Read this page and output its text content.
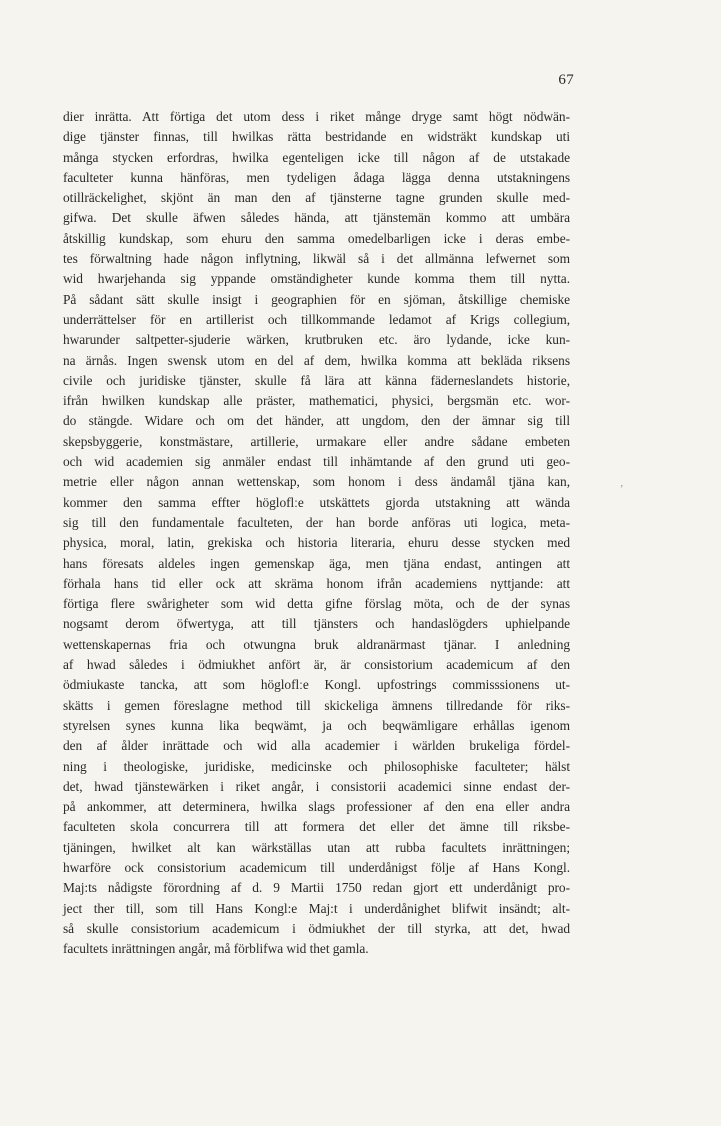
67
dier inrätta. Att förtiga det utom dess i riket månge dryge samt högt nödwän-
dige tjänster finnas, till hwilkas rätta bestridande en widsträkt kundskap uti
många stycken erfordras, hwilka egenteligen icke till någon af de utstakade
faculteter kunna hänföras, men tydeligen ådaga lägga denna utstakningens
otillräckelighet, skjönt än man den af tjänsterne tagne grunden skulle med-
gifwa. Det skulle äfwen således hända, att tjänstemän kommo att umbära
åtskillig kundskap, som ehuru den samma omedelbarligen icke i deras embe-
tes förwaltning hade någon inflytning, likwäl så i det allmänna lefwernet som
wid hwarjehanda sig yppande omständigheter kunde komma them till nytta.
På sådant sätt skulle insigt i geographien för en sjöman, åtskillige chemiske
underrättelser för en artillerist och tillkommande ledamot af Krigs collegium,
hwarunder saltpetter-sjuderie wärken, krutbruken etc. äro lydande, icke kun-
na ärnås. Ingen swensk utom en del af dem, hwilka komma att bekläda riksens
civile och juridiske tjänster, skulle få lära att känna fäderneslandets historie,
ifrån hwilken kundskap alle präster, mathematici, physici, bergsmän etc. wor-
do stängde. Widare och om det händer, att ungdom, den der ämnar sig till
skepsbyggerie, konstmästare, artillerie, urmakare eller andre sådane embeten
och wid academien sig anmäler endast till inhämtande af den grund uti geo-
metrie eller någon annan wettenskap, som honom i dess ändamål tjäna kan,
kommer den samma effter högloflːe utskättets gjorda utstakning att wända
sig till den fundamentale faculteten, der han borde anföras uti logica, meta-
physica, moral, latin, grekiska och historia literaria, ehuru desse stycken med
hans föresats aldeles ingen gemenskap äga, men tjäna endast, antingen att
förhala hans tid eller ock att skräma honom ifrån academiens nyttjande: att
förtiga flere swårigheter som wid detta gifne förslag möta, och de der synas
nogsamt derom öfwertyga, att till tjänsters och handaslögders uphielpande
wettenskapernas fria och otwungna bruk aldranärmast tjänar. I anledning
af hwad således i ödmiukhet anfört är, är consistorium academicum af den
ödmiukaste tancka, att som högloflːe Kongl. upfostrings commisssionens ut-
skätts i gemen föreslagne method till skickeliga ämnens tillredande för riks-
styrelsen synes kunna lika beqwämt, ja och beqwämligare erhållas igenom
den af ålder inrättade och wid alla academier i wärlden brukeliga fördel-
ning i theologiske, juridiske, medicinske och philosophiske faculteter; hälst
det, hwad tjänstewärken i riket angår, i consistorii academici sinne endast der-
på ankommer, att determinera, hwilka slags professioner af den ena eller andra
faculteten skola concurrera till att formera det eller det ämne till riksbe-
tjäningen, hwilket alt kan wärkställas utan att rubba facultets inrättningen;
hwarföre ock consistorium academicum till underdånigst följe af Hans Kongl.
Maj:ts nådigste förordning af d. 9 Martii 1750 redan gjort ett underdånigt pro-
ject ther till, som till Hans Kongl:e Maj:t i underdånighet blifwit insändt; alt-
så skulle consistorium academicum i ödmiukhet der till styrka, att det, hwad
facultets inrättningen angår, må förblifwa wid thet gamla.
’
